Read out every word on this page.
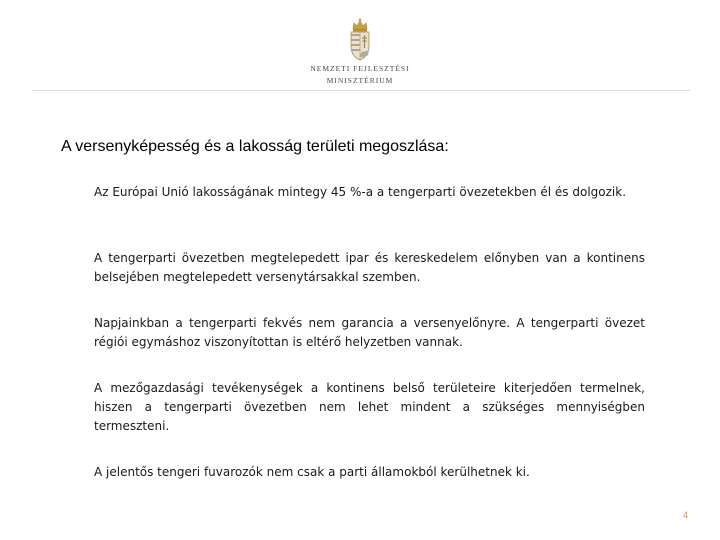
NEMZETI FEJLESZTÉSI
MINISZTÉRIUM
A versenyképesség és a lakosság területi megoszlása:

Az Európai Unió lakosságának mintegy 45 %-a a tengerparti övezetekben él és dolgozik.

A tengerparti övezetben megtelepedett ipar és kereskedelem előnyben van a kontinens belsejében megtelepedett versenytársakkal szemben.

Napjainkban a tengerparti fekvés nem garancia a versenyelőnyre. A tengerparti övezet régiói egymáshoz viszonyítottan is eltérő helyzetben vannak.

A mezőgazdasági tevékenységek a kontinens belső területeire kiterjedően termelnek, hiszen a tengerparti övezetben nem lehet mindent a szükséges mennyiségben termeszteni.

A jelentős tengeri fuvarozók nem csak a parti államokból kerülhetnek ki.

4
